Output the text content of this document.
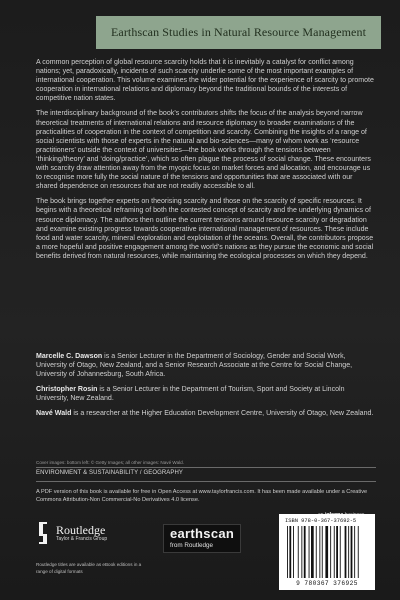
Earthscan Studies in Natural Resource Management

A common perception of global resource scarcity holds that it is inevitably a catalyst for conflict among nations; yet, paradoxically, incidents of such scarcity underlie some of the most important examples of international cooperation. This volume examines the wider potential for the experience of scarcity to promote cooperation in international relations and diplomacy beyond the traditional bounds of the interests of competitive nation states.

The interdisciplinary background of the book’s contributors shifts the focus of the analysis beyond narrow theoretical treatments of international relations and resource diplomacy to broader examinations of the practicalities of cooperation in the context of competition and scarcity. Combining the insights of a range of social scientists with those of experts in the natural and bio-sciences—many of whom work as ‘resource practitioners’ outside the context of universities—the book works through the tensions between ‘thinking/theory’ and ‘doing/practice’, which so often plague the process of social change. These encounters with scarcity draw attention away from the myopic focus on market forces and allocation, and encourage us to recognise more fully the social nature of the tensions and opportunities that are associated with our shared dependence on resources that are not readily accessible to all.

The book brings together experts on theorising scarcity and those on the scarcity of specific resources. It begins with a theoretical reframing of both the contested concept of scarcity and the underlying dynamics of resource diplomacy. The authors then outline the current tensions around resource scarcity or degradation and examine existing progress towards cooperative international management of resources. These include food and water scarcity, mineral exploration and exploitation of the oceans. Overall, the contributors propose a more hopeful and positive engagement among the world’s nations as they pursue the economic and social benefits derived from natural resources, while maintaining the ecological processes on which they depend.

Marcelle C. Dawson is a Senior Lecturer in the Department of Sociology, Gender and Social Work, University of Otago, New Zealand, and a Senior Research Associate at the Centre for Social Change, University of Johannesburg, South Africa.

Christopher Rosin is a Senior Lecturer in the Department of Tourism, Sport and Society at Lincoln University, New Zealand.

Navé Wald is a researcher at the Higher Education Development Centre, University of Otago, New Zealand.

Cover images: bottom left: © Getty Images; all other images: Navé Wald.
ENVIRONMENT & SUSTAINABILITY / GEOGRAPHY
A PDF version of this book is available for free in Open Access at www.taylorfrancis.com. It has been made available under a Creative Commons Attribution-Non Commercial-No Derivatives 4.0 license.
Routledge
Taylor & Francis Group	earthscan
from Routledge
Routledge titles are available as eBook editions in a range of digital formats
ISBN 978-0-367-37692-5
9 780367 376925
